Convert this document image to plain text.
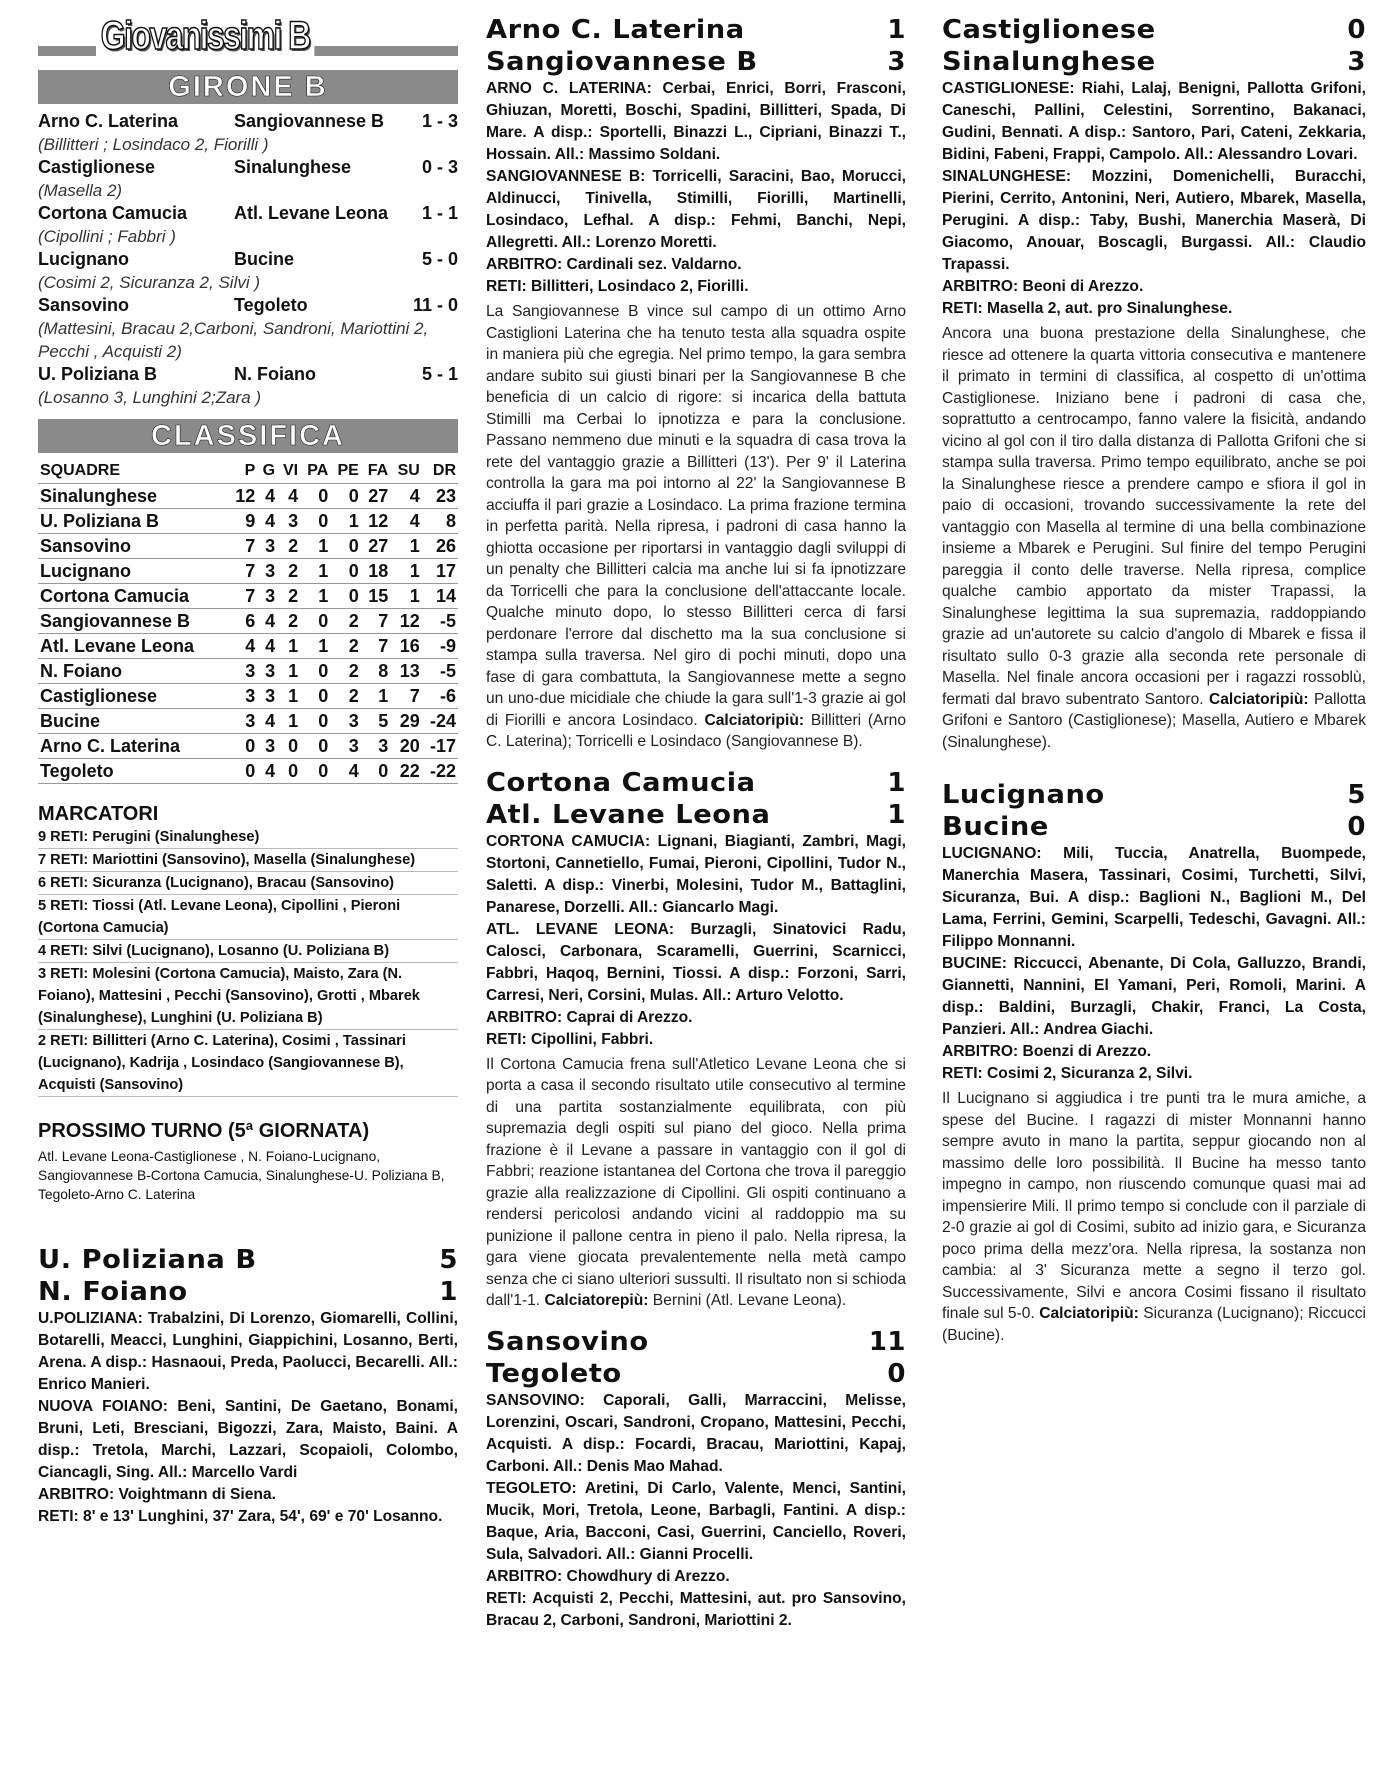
Giovanissimi B
GIRONE B
Arno C. Laterina	Sangiovannese B	1 - 3
(Billitteri ; Losindaco 2, Fiorilli )
Castiglionese	Sinalunghese	0 - 3
(Masella 2)
Cortona Camucia	Atl. Levane Leona	1 - 1
(Cipollini ; Fabbri )
Lucignano	Bucine	5 - 0
(Cosimi 2, Sicuranza 2, Silvi )
Sansovino	Tegoleto	11 - 0
(Mattesini, Bracau 2,Carboni, Sandroni, Mariottini 2, Pecchi , Acquisti 2)
U. Poliziana B	N. Foiano	5 - 1
(Losanno 3, Lunghini 2;Zara )
CLASSIFICA
SQUADRE	P	G	VI	PA	PE	FA	SU	DR
Sinalunghese	12	4	4	0	0	27	4	23
U. Poliziana B	9	4	3	0	1	12	4	8
Sansovino	7	3	2	1	0	27	1	26
Lucignano	7	3	2	1	0	18	1	17
Cortona Camucia	7	3	2	1	0	15	1	14
Sangiovannese B	6	4	2	0	2	7	12	-5
Atl. Levane Leona	4	4	1	1	2	7	16	-9
N. Foiano	3	3	1	0	2	8	13	-5
Castiglionese	3	3	1	0	2	1	7	-6
Bucine	3	4	1	0	3	5	29	-24
Arno C. Laterina	0	3	0	0	3	3	20	-17
Tegoleto	0	4	0	0	4	0	22	-22
MARCATORI
9 RETI: Perugini (Sinalunghese)
7 RETI: Mariottini (Sansovino), Masella (Sinalunghese)
6 RETI: Sicuranza (Lucignano), Bracau (Sansovino)
5 RETI: Tiossi (Atl. Levane Leona), Cipollini , Pieroni (Cortona Camucia)
4 RETI: Silvi (Lucignano), Losanno (U. Poliziana B)
3 RETI: Molesini (Cortona Camucia), Maisto, Zara (N. Foiano), Mattesini , Pecchi (Sansovino), Grotti , Mbarek (Sinalunghese), Lunghini (U. Poliziana B)
2 RETI: Billitteri (Arno C. Laterina), Cosimi , Tassinari (Lucignano), Kadrija , Losindaco (Sangiovannese B), Acquisti (Sansovino)
PROSSIMO TURNO (5ª GIORNATA)
Atl. Levane Leona-Castiglionese , N. Foiano-Lucignano, Sangiovannese B-Cortona Camucia, Sinalunghese-U. Poliziana B, Tegoleto-Arno C. Laterina
U. Poliziana B	5
N. Foiano	1
U.POLIZIANA: Trabalzini, Di Lorenzo, Giomarelli, Collini, Botarelli, Meacci, Lunghini, Giappichini, Losanno, Berti, Arena. A disp.: Hasnaoui, Preda, Paolucci, Becarelli. All.: Enrico Manieri.
NUOVA FOIANO: Beni, Santini, De Gaetano, Bonami, Bruni, Leti, Bresciani, Bigozzi, Zara, Maisto, Baini. A disp.: Tretola, Marchi, Lazzari, Scopaioli, Colombo, Ciancagli, Sing. All.: Marcello Vardi
ARBITRO: Voightmann di Siena.
RETI: 8' e 13' Lunghini, 37' Zara, 54', 69' e 70' Losanno.
Arno C. Laterina	1
Sangiovannese B	3
ARNO C. LATERINA: Cerbai, Enrici, Borri, Frasconi, Ghiuzan, Moretti, Boschi, Spadini, Billitteri, Spada, Di Mare. A disp.: Sportelli, Binazzi L., Cipriani, Binazzi T., Hossain. All.: Massimo Soldani.
SANGIOVANNESE B: Torricelli, Saracini, Bao, Morucci, Aldinucci, Tinivella, Stimilli, Fiorilli, Martinelli, Losindaco, Lefhal. A disp.: Fehmi, Banchi, Nepi, Allegretti. All.: Lorenzo Moretti.
ARBITRO: Cardinali sez. Valdarno.
RETI: Billitteri, Losindaco 2, Fiorilli.
La Sangiovannese B vince sul campo di un ottimo Arno Castiglioni Laterina che ha tenuto testa alla squadra ospite in maniera più che egregia. Nel primo tempo, la gara sembra andare subito sui giusti binari per la Sangiovannese B che beneficia di un calcio di rigore: si incarica della battuta Stimilli ma Cerbai lo ipnotizza e para la conclusione. Passano nemmeno due minuti e la squadra di casa trova la rete del vantaggio grazie a Billitteri (13'). Per 9' il Laterina controlla la gara ma poi intorno al 22' la Sangiovannese B acciuffa il pari grazie a Losindaco. La prima frazione termina in perfetta parità. Nella ripresa, i padroni di casa hanno la ghiotta occasione per riportarsi in vantaggio dagli sviluppi di un penalty che Billitteri calcia ma anche lui si fa ipnotizzare da Torricelli che para la conclusione dell'attaccante locale. Qualche minuto dopo, lo stesso Billitteri cerca di farsi perdonare l'errore dal dischetto ma la sua conclusione si stampa sulla traversa. Nel giro di pochi minuti, dopo una fase di gara combattuta, la Sangiovannese mette a segno un uno-due micidiale che chiude la gara sull'1-3 grazie ai gol di Fiorilli e ancora Losindaco. Calciatoripiù: Billitteri (Arno C. Laterina); Torricelli e Losindaco (Sangiovannese B).
Cortona Camucia	1
Atl. Levane Leona	1
CORTONA CAMUCIA: Lignani, Biagianti, Zambri, Magi, Stortoni, Cannetiello, Fumai, Pieroni, Cipollini, Tudor N., Saletti. A disp.: Vinerbi, Molesini, Tudor M., Battaglini, Panarese, Dorzelli. All.: Giancarlo Magi.
ATL. LEVANE LEONA: Burzagli, Sinatovici Radu, Calosci, Carbonara, Scaramelli, Guerrini, Scarnicci, Fabbri, Haqoq, Bernini, Tiossi. A disp.: Forzoni, Sarri, Carresi, Neri, Corsini, Mulas. All.: Arturo Velotto.
ARBITRO: Caprai di Arezzo.
RETI: Cipollini, Fabbri.
Il Cortona Camucia frena sull'Atletico Levane Leona che si porta a casa il secondo risultato utile consecutivo al termine di una partita sostanzialmente equilibrata, con più supremazia degli ospiti sul piano del gioco. Nella prima frazione è il Levane a passare in vantaggio con il gol di Fabbri; reazione istantanea del Cortona che trova il pareggio grazie alla realizzazione di Cipollini. Gli ospiti continuano a rendersi pericolosi andando vicini al raddoppio ma su punizione il pallone centra in pieno il palo. Nella ripresa, la gara viene giocata prevalentemente nella metà campo senza che ci siano ulteriori sussulti. Il risultato non si schioda dall'1-1. Calciatorepiù: Bernini (Atl. Levane Leona).
Sansovino	11
Tegoleto	0
SANSOVINO: Caporali, Galli, Marraccini, Melisse, Lorenzini, Oscari, Sandroni, Cropano, Mattesini, Pecchi, Acquisti. A disp.: Focardi, Bracau, Mariottini, Kapaj, Carboni. All.: Denis Mao Mahad.
TEGOLETO: Aretini, Di Carlo, Valente, Menci, Santini, Mucik, Mori, Tretola, Leone, Barbagli, Fantini. A disp.: Baque, Aria, Bacconi, Casi, Guerrini, Canciello, Roveri, Sula, Salvadori. All.: Gianni Procelli.
ARBITRO: Chowdhury di Arezzo.
RETI: Acquisti 2, Pecchi, Mattesini, aut. pro Sansovino, Bracau 2, Carboni, Sandroni, Mariottini 2.
Castiglionese	0
Sinalunghese	3
CASTIGLIONESE: Riahi, Lalaj, Benigni, Pallotta Grifoni, Caneschi, Pallini, Celestini, Sorrentino, Bakanaci, Gudini, Bennati. A disp.: Santoro, Pari, Cateni, Zekkaria, Bidini, Fabeni, Frappi, Campolo. All.: Alessandro Lovari.
SINALUNGHESE: Mozzini, Domenichelli, Buracchi, Pierini, Cerrito, Antonini, Neri, Autiero, Mbarek, Masella, Perugini. A disp.: Taby, Bushi, Manerchia Maserà, Di Giacomo, Anouar, Boscagli, Burgassi. All.: Claudio Trapassi.
ARBITRO: Beoni di Arezzo.
RETI: Masella 2, aut. pro Sinalunghese.
Ancora una buona prestazione della Sinalunghese, che riesce ad ottenere la quarta vittoria consecutiva e mantenere il primato in termini di classifica, al cospetto di un'ottima Castiglionese. Iniziano bene i padroni di casa che, soprattutto a centrocampo, fanno valere la fisicità, andando vicino al gol con il tiro dalla distanza di Pallotta Grifoni che si stampa sulla traversa. Primo tempo equilibrato, anche se poi la Sinalunghese riesce a prendere campo e sfiora il gol in paio di occasioni, trovando successivamente la rete del vantaggio con Masella al termine di una bella combinazione insieme a Mbarek e Perugini. Sul finire del tempo Perugini pareggia il conto delle traverse. Nella ripresa, complice qualche cambio apportato da mister Trapassi, la Sinalunghese legittima la sua supremazia, raddoppiando grazie ad un'autorete su calcio d'angolo di Mbarek e fissa il risultato sullo 0-3 grazie alla seconda rete personale di Masella. Nel finale ancora occasioni per i ragazzi rossoblù, fermati dal bravo subentrato Santoro. Calciatoripiù: Pallotta Grifoni e Santoro (Castiglionese); Masella, Autiero e Mbarek (Sinalunghese).
Lucignano	5
Bucine	0
LUCIGNANO: Mili, Tuccia, Anatrella, Buompede, Manerchia Masera, Tassinari, Cosimi, Turchetti, Silvi, Sicuranza, Bui. A disp.: Baglioni N., Baglioni M., Del Lama, Ferrini, Gemini, Scarpelli, Tedeschi, Gavagni. All.: Filippo Monnanni.
BUCINE: Riccucci, Abenante, Di Cola, Galluzzo, Brandi, Giannetti, Nannini, El Yamani, Peri, Romoli, Marini. A disp.: Baldini, Burzagli, Chakir, Franci, La Costa, Panzieri. All.: Andrea Giachi.
ARBITRO: Boenzi di Arezzo.
RETI: Cosimi 2, Sicuranza 2, Silvi.
Il Lucignano si aggiudica i tre punti tra le mura amiche, a spese del Bucine. I ragazzi di mister Monnanni hanno sempre avuto in mano la partita, seppur giocando non al massimo delle loro possibilità. Il Bucine ha messo tanto impegno in campo, non riuscendo comunque quasi mai ad impensierire Mili. Il primo tempo si conclude con il parziale di 2-0 grazie ai gol di Cosimi, subito ad inizio gara, e Sicuranza poco prima della mezz'ora. Nella ripresa, la sostanza non cambia: al 3' Sicuranza mette a segno il terzo gol. Successivamente, Silvi e ancora Cosimi fissano il risultato finale sul 5-0. Calciatoripiù: Sicuranza (Lucignano); Riccucci (Bucine).
